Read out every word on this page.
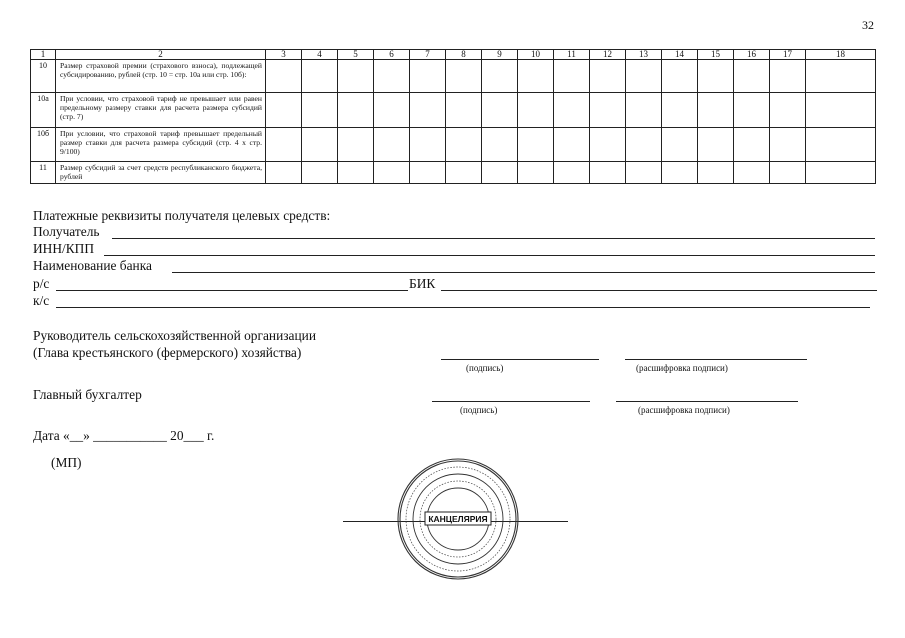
32
1	2	3	4	5	6	7	8	9	10	11	12	13	14	15	16	17	18
10	Размер страховой премии (страхового взноса), подлежащей субсидированию, рублей (стр. 10 = стр. 10а или стр. 10б):																
10а	При условии, что страховой тариф не превышает или равен предельному размеру ставки для расчета размера субсидий (стр. 7)																
10б	При условии, что страховой тариф превышает предельный размер ставки для расчета размера субсидий (стр. 4 х стр. 9/100)																
11	Размер субсидий за счет средств республиканского бюджета, рублей																
Платежные реквизиты получателя целевых средств:
Получатель
ИНН/КПП
Наименование банка
р/с	БИК
к/с
Руководитель сельскохозяйственной организации
(Глава крестьянского (фермерского) хозяйства)
(подпись)	(расшифровка подписи)
Главный бухгалтер
(подпись)	(расшифровка подписи)
Дата «__» ___________ 20___ г.
(МП)
КАНЦЕЛЯРИЯ
